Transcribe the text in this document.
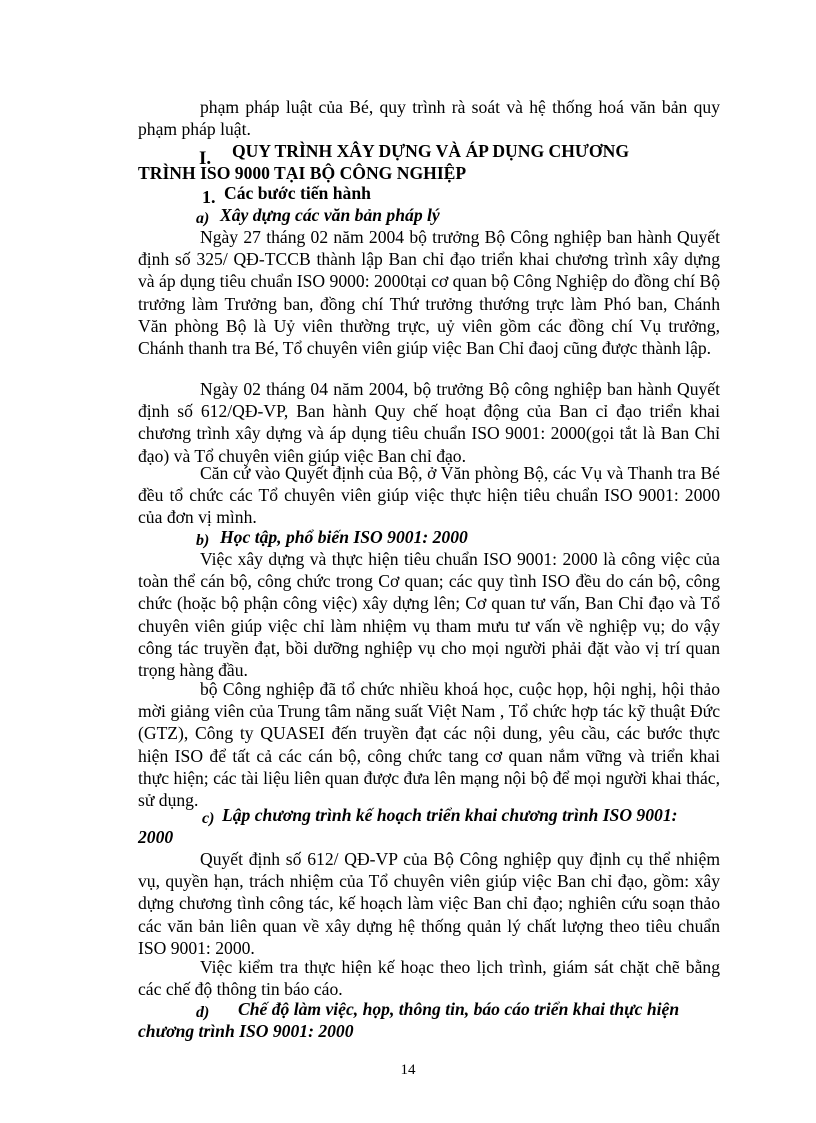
phạm pháp luật của Bé, quy trình rà soát và hệ thống hoá văn bản quy phạm pháp luật.

I. QUY TRÌNH XÂY DỰNG VÀ ÁP DỤNG CHƯƠNG
TRÌNH ISO 9000 TẠI BỘ CÔNG NGHIỆP
1. Các bước tiến hành
a) Xây dựng các văn bản pháp lý

Ngày 27 tháng 02 năm 2004 bộ trưởng Bộ Công nghiệp ban hành Quyết định số 325/ QĐ-TCCB thành lập Ban chỉ đạo triển khai chương trình xây dựng và áp dụng tiêu chuẩn ISO 9000: 2000tại cơ quan bộ Công Nghiệp do đồng chí Bộ trưởng làm Trưởng ban, đồng chí Thứ trưởng thướng trực làm Phó ban, Chánh Văn phòng Bộ là Uỷ viên thường trực, uỷ viên gồm các đồng chí Vụ trưởng, Chánh thanh tra Bé, Tổ chuyên viên giúp việc Ban Chỉ đaoj cũng được thành lập.

Ngày 02 tháng 04 năm 2004, bộ trưởng Bộ công nghiệp ban hành Quyết định số 612/QĐ-VP, Ban hành Quy chế hoạt động của Ban cỉ đạo triển khai chương trình xây dựng và áp dụng tiêu chuẩn ISO 9001: 2000(gọi tắt là Ban Chỉ đạo) và Tổ chuyên viên giúp việc Ban chỉ đạo.

Căn cứ vào Quyết định của Bộ, ở Văn phòng Bộ, các Vụ và Thanh tra Bé đều tổ chức các Tổ chuyên viên giúp việc thực hiện tiêu chuẩn ISO 9001: 2000 của đơn vị mình.

b) Học tập, phổ biến ISO 9001: 2000

Việc xây dựng và thực hiện tiêu chuẩn ISO 9001: 2000 là công việc của toàn thể cán bộ, công chức trong Cơ quan; các quy tình ISO đều do cán bộ, công chức (hoặc bộ phận công việc) xây dựng lên; Cơ quan tư vấn, Ban Chỉ đạo và Tổ chuyên viên giúp việc chỉ làm nhiệm vụ tham mưu tư vấn về nghiệp vụ; do vậy công tác truyền đạt, bồi dưỡng nghiệp vụ cho mọi người phải đặt vào vị trí quan trọng hàng đầu.

bộ Công nghiệp đã tổ chức nhiều khoá học, cuộc họp, hội nghị, hội thảo mời giảng viên của Trung tâm năng suất Việt Nam , Tổ chức hợp tác kỹ thuật Đức (GTZ), Công ty QUASEI đến truyền đạt các nội dung, yêu cầu, các bước thực hiện ISO để tất cả các cán bộ, công chức tang cơ quan nắm vững và triển khai thực hiện; các tài liệu liên quan được đưa lên mạng nội bộ để mọi người khai thác, sử dụng.

c) Lập chương trình kế hoạch triển khai chương trình ISO 9001:
2000

Quyết định số 612/ QĐ-VP của Bộ Công nghiệp quy định cụ thể nhiệm vụ, quyền hạn, trách nhiệm của Tổ chuyên viên giúp việc Ban chỉ đạo, gồm: xây dựng chương tình công tác, kế hoạch làm việc Ban chỉ đạo; nghiên cứu soạn thảo các văn bản liên quan về xây dựng hệ thống quản lý chất lượng theo tiêu chuẩn ISO 9001: 2000.

Việc kiểm tra thực hiện kế hoạc theo lịch trình, giám sát chặt chẽ bằng các chế độ thông tin báo cáo.

d) Chế độ làm việc, họp, thông tin, báo cáo triển khai thực hiện
chương trình ISO 9001: 2000

14
